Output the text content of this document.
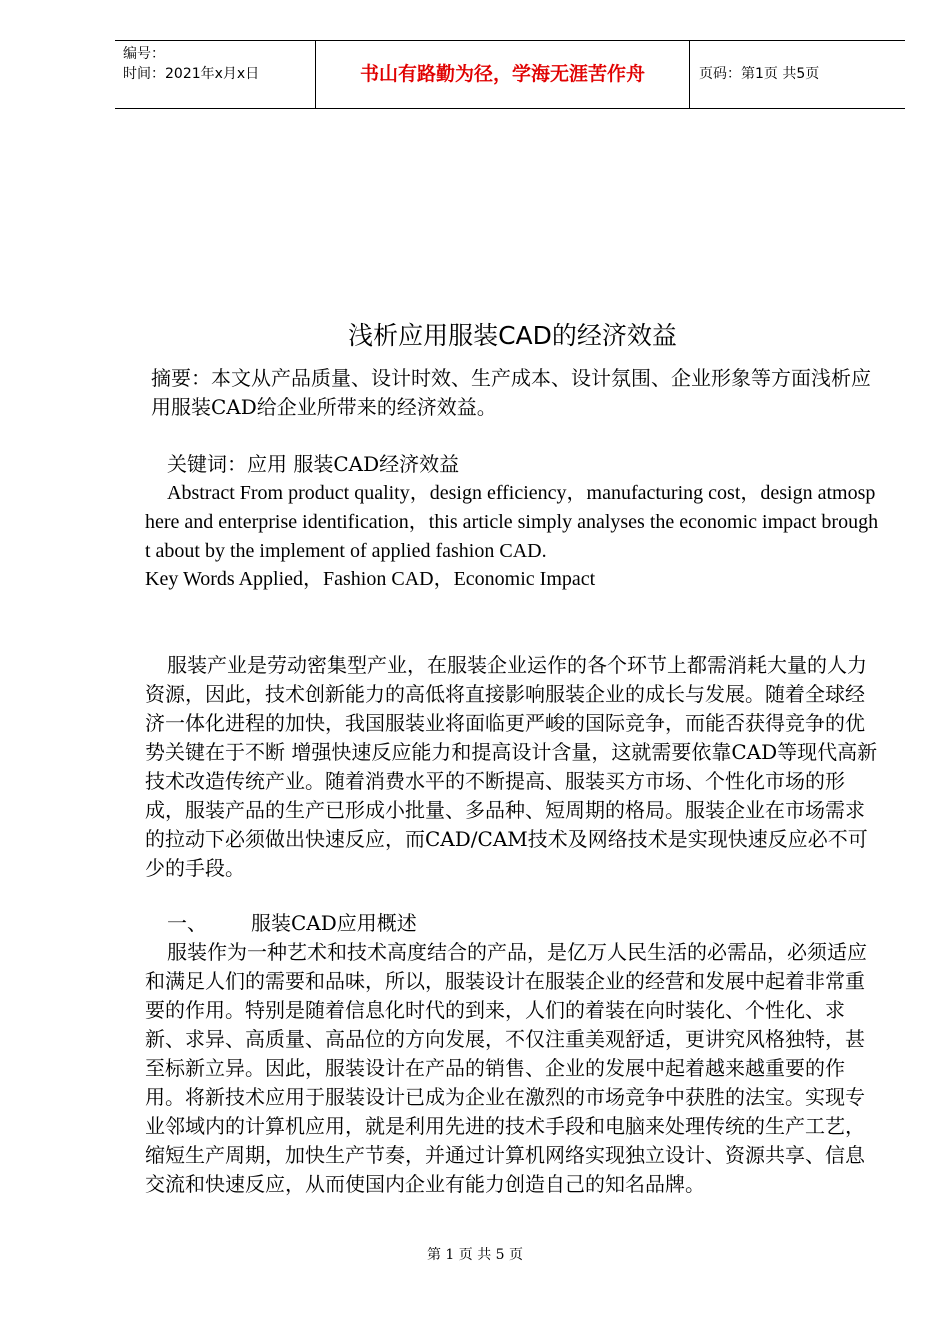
编号：
时间：2021年x月x日	书山有路勤为径，学海无涯苦作舟	页码：第1页 共5页
浅析应用服装CAD的经济效益

摘要：本文从产品质量、设计时效、生产成本、设计氛围、企业形象等方面浅析应用服装CAD给企业所带来的经济效益。

关键词：应用 服装CAD经济效益

Abstract From product quality，design efficiency，manufacturing cost，design atmosphere and enterprise identification，this article simply analyses the economic impact brought about by the implement of applied fashion CAD.

Key Words Applied，Fashion CAD，Economic Impact

服装产业是劳动密集型产业，在服装企业运作的各个环节上都需消耗大量的人力资源，因此，技术创新能力的高低将直接影响服装企业的成长与发展。随着全球经济一体化进程的加快，我国服装业将面临更严峻的国际竞争，而能否获得竞争的优势关键在于不断 增强快速反应能力和提高设计含量，这就需要依靠CAD等现代高新技术改造传统产业。随着消费水平的不断提高、服装买方市场、个性化市场的形成，服装产品的生产已形成小批量、多品种、短周期的格局。服装企业在市场需求的拉动下必须做出快速反应，而CAD/CAM技术及网络技术是实现快速反应必不可少的手段。

一、 服装CAD应用概述

服装作为一种艺术和技术高度结合的产品，是亿万人民生活的必需品，必须适应和满足人们的需要和品味，所以，服装设计在服装企业的经营和发展中起着非常重要的作用。特别是随着信息化时代的到来，人们的着装在向时装化、个性化、求新、求异、高质量、高品位的方向发展，不仅注重美观舒适，更讲究风格独特，甚至标新立异。因此，服装设计在产品的销售、企业的发展中起着越来越重要的作用。将新技术应用于服装设计已成为企业在激烈的市场竞争中获胜的法宝。实现专业邻域内的计算机应用，就是利用先进的技术手段和电脑来处理传统的生产工艺，缩短生产周期，加快生产节奏，并通过计算机网络实现独立设计、资源共享、信息交流和快速反应，从而使国内企业有能力创造自己的知名品牌。

第 1 页 共 5 页
